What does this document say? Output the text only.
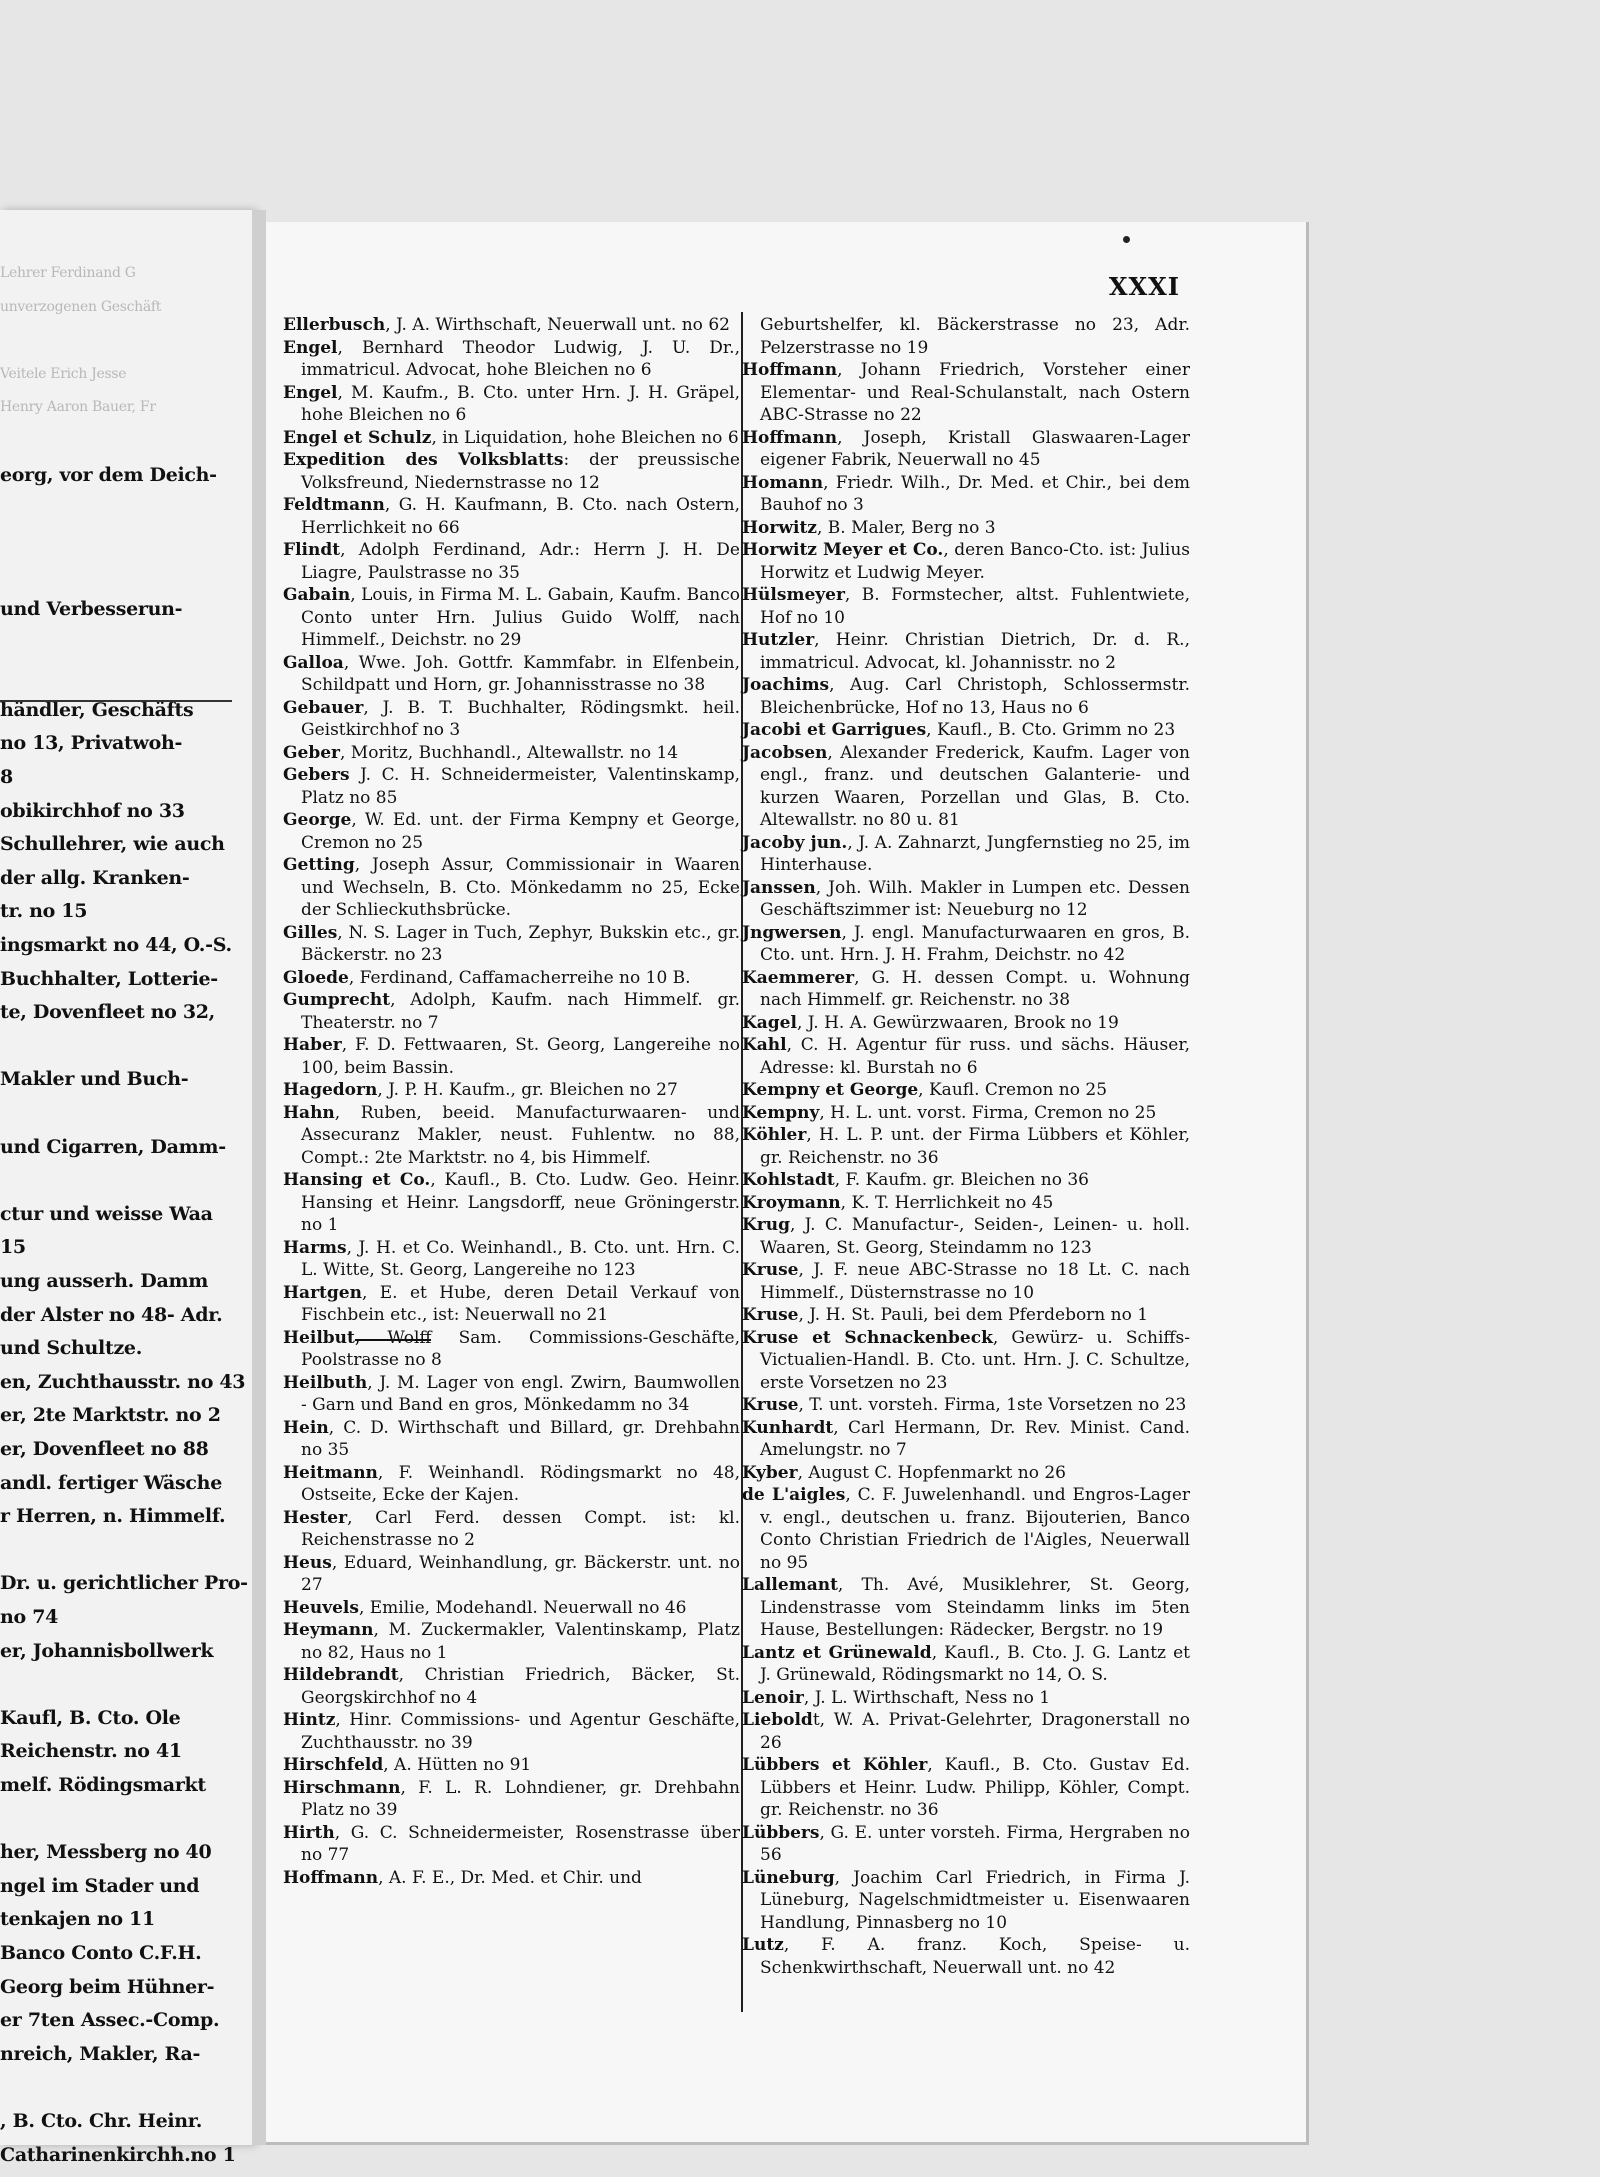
Lehrer Ferdinand G
unverzogenen Geschäft
Veitele Erich Jesse
Henry Aaron Bauer, Fr
eorg, vor dem Deich-
und Verbesserun-
händler, Geschäfts
no 13, Privatwoh-
8
obikirchhof no 33
Schullehrer, wie auch
der allg. Kranken-
tr. no 15
ingsmarkt no 44, O.-S.
Buchhalter, Lotterie-
te, Dovenfleet no 32,
Makler und Buch-
und Cigarren, Damm-
ctur und weisse Waa
15
ung ausserh. Damm
der Alster no 48- Adr.
und Schultze.
en, Zuchthausstr. no 43
er, 2te Marktstr. no 2
er, Dovenfleet no 88
andl. fertiger Wäsche
r Herren, n. Himmelf.
Dr. u. gerichtlicher Pro-
no 74
er, Johannisbollwerk
Kaufl, B. Cto. Ole
Reichenstr. no 41
melf. Rödingsmarkt
her, Messberg no 40
ngel im Stader und
tenkajen no 11
Banco Conto C.F.H.
Georg beim Hühner-
er 7ten Assec.-Comp.
nreich, Makler, Ra-
, B. Cto. Chr. Heinr.
Catharinenkirchh.no 1
XXXI
Ellerbusch, J. A. Wirthschaft, Neuerwall unt. no 62
Engel, Bernhard Theodor Ludwig, J. U. Dr., immatricul. Advocat, hohe Bleichen no 6
Engel, M. Kaufm., B. Cto. unter Hrn. J. H. Gräpel, hohe Bleichen no 6
Engel et Schulz, in Liquidation, hohe Bleichen no 6
Expedition des Volksblatts: der preussische Volksfreund, Niedernstrasse no 12
Feldtmann, G. H. Kaufmann, B. Cto. nach Ostern, Herrlichkeit no 66
Flindt, Adolph Ferdinand, Adr.: Herrn J. H. De Liagre, Paulstrasse no 35
Gabain, Louis, in Firma M. L. Gabain, Kaufm. Banco Conto unter Hrn. Julius Guido Wolff, nach Himmelf., Deichstr. no 29
Galloa, Wwe. Joh. Gottfr. Kammfabr. in Elfenbein, Schildpatt und Horn, gr. Johannisstrasse no 38
Gebauer, J. B. T. Buchhalter, Rödingsmkt. heil. Geistkirchhof no 3
Geber, Moritz, Buchhandl., Altewallstr. no 14
Gebers J. C. H. Schneidermeister, Valentinskamp, Platz no 85
George, W. Ed. unt. der Firma Kempny et George, Cremon no 25
Getting, Joseph Assur, Commissionair in Waaren und Wechseln, B. Cto. Mönkedamm no 25, Ecke der Schlieckuthsbrücke.
Gilles, N. S. Lager in Tuch, Zephyr, Bukskin etc., gr. Bäckerstr. no 23
Gloede, Ferdinand, Caffamacherreihe no 10 B.
Gumprecht, Adolph, Kaufm. nach Himmelf. gr. Theaterstr. no 7
Haber, F. D. Fettwaaren, St. Georg, Langereihe no 100, beim Bassin.
Hagedorn, J. P. H. Kaufm., gr. Bleichen no 27
Hahn, Ruben, beeid. Manufacturwaaren- und Assecuranz Makler, neust. Fuhlentw. no 88, Compt.: 2te Marktstr. no 4, bis Himmelf.
Hansing et Co., Kaufl., B. Cto. Ludw. Geo. Heinr. Hansing et Heinr. Langsdorff, neue Gröningerstr. no 1
Harms, J. H. et Co. Weinhandl., B. Cto. unt. Hrn. C. L. Witte, St. Georg, Langereihe no 123
Hartgen, E. et Hube, deren Detail Verkauf von Fischbein etc., ist: Neuerwall no 21
Heilbut, Wolff Sam. Commissions-Geschäfte, Poolstrasse no 8
Heilbuth, J. M. Lager von engl. Zwirn, Baumwollen - Garn und Band en gros, Mönkedamm no 34
Hein, C. D. Wirthschaft und Billard, gr. Drehbahn no 35
Heitmann, F. Weinhandl. Rödingsmarkt no 48, Ostseite, Ecke der Kajen.
Hester, Carl Ferd. dessen Compt. ist: kl. Reichenstrasse no 2
Heus, Eduard, Weinhandlung, gr. Bäckerstr. unt. no 27
Heuvels, Emilie, Modehandl. Neuerwall no 46
Heymann, M. Zuckermakler, Valentinskamp, Platz no 82, Haus no 1
Hildebrandt, Christian Friedrich, Bäcker, St. Georgskirchhof no 4
Hintz, Hinr. Commissions- und Agentur Geschäfte, Zuchthausstr. no 39
Hirschfeld, A. Hütten no 91
Hirschmann, F. L. R. Lohndiener, gr. Drehbahn Platz no 39
Hirth, G. C. Schneidermeister, Rosenstrasse über no 77
Hoffmann, A. F. E., Dr. Med. et Chir. und
Geburtshelfer, kl. Bäckerstrasse no 23, Adr. Pelzerstrasse no 19
Hoffmann, Johann Friedrich, Vorsteher einer Elementar- und Real-Schulanstalt, nach Ostern ABC-Strasse no 22
Hoffmann, Joseph, Kristall Glaswaaren-Lager eigener Fabrik, Neuerwall no 45
Homann, Friedr. Wilh., Dr. Med. et Chir., bei dem Bauhof no 3
Horwitz, B. Maler, Berg no 3
Horwitz Meyer et Co., deren Banco-Cto. ist: Julius Horwitz et Ludwig Meyer.
Hülsmeyer, B. Formstecher, altst. Fuhlentwiete, Hof no 10
Hutzler, Heinr. Christian Dietrich, Dr. d. R., immatricul. Advocat, kl. Johannisstr. no 2
Joachims, Aug. Carl Christoph, Schlossermstr. Bleichenbrücke, Hof no 13, Haus no 6
Jacobi et Garrigues, Kaufl., B. Cto. Grimm no 23
Jacobsen, Alexander Frederick, Kaufm. Lager von engl., franz. und deutschen Galanterie- und kurzen Waaren, Porzellan und Glas, B. Cto. Altewallstr. no 80 u. 81
Jacoby jun., J. A. Zahnarzt, Jungfernstieg no 25, im Hinterhause.
Janssen, Joh. Wilh. Makler in Lumpen etc. Dessen Geschäftszimmer ist: Neueburg no 12
Jngwersen, J. engl. Manufacturwaaren en gros, B. Cto. unt. Hrn. J. H. Frahm, Deichstr. no 42
Kaemmerer, G. H. dessen Compt. u. Wohnung nach Himmelf. gr. Reichenstr. no 38
Kagel, J. H. A. Gewürzwaaren, Brook no 19
Kahl, C. H. Agentur für russ. und sächs. Häuser, Adresse: kl. Burstah no 6
Kempny et George, Kaufl. Cremon no 25
Kempny, H. L. unt. vorst. Firma, Cremon no 25
Köhler, H. L. P. unt. der Firma Lübbers et Köhler, gr. Reichenstr. no 36
Kohlstadt, F. Kaufm. gr. Bleichen no 36
Kroymann, K. T. Herrlichkeit no 45
Krug, J. C. Manufactur-, Seiden-, Leinen- u. holl. Waaren, St. Georg, Steindamm no 123
Kruse, J. F. neue ABC-Strasse no 18 Lt. C. nach Himmelf., Düsternstrasse no 10
Kruse, J. H. St. Pauli, bei dem Pferdeborn no 1
Kruse et Schnackenbeck, Gewürz- u. Schiffs-Victualien-Handl. B. Cto. unt. Hrn. J. C. Schultze, erste Vorsetzen no 23
Kruse, T. unt. vorsteh. Firma, 1ste Vorsetzen no 23
Kunhardt, Carl Hermann, Dr. Rev. Minist. Cand. Amelungstr. no 7
Kyber, August C. Hopfenmarkt no 26
de L'aigles, C. F. Juwelenhandl. und Engros-Lager v. engl., deutschen u. franz. Bijouterien, Banco Conto Christian Friedrich de l'Aigles, Neuerwall no 95
Lallemant, Th. Avé, Musiklehrer, St. Georg, Lindenstrasse vom Steindamm links im 5ten Hause, Bestellungen: Rädecker, Bergstr. no 19
Lantz et Grünewald, Kaufl., B. Cto. J. G. Lantz et J. Grünewald, Rödingsmarkt no 14, O. S.
Lenoir, J. L. Wirthschaft, Ness no 1
Lieboldt, W. A. Privat-Gelehrter, Dragonerstall no 26
Lübbers et Köhler, Kaufl., B. Cto. Gustav Ed. Lübbers et Heinr. Ludw. Philipp, Köhler, Compt. gr. Reichenstr. no 36
Lübbers, G. E. unter vorsteh. Firma, Hergraben no 56
Lüneburg, Joachim Carl Friedrich, in Firma J. Lüneburg, Nagelschmidtmeister u. Eisenwaaren Handlung, Pinnasberg no 10
Lutz, F. A. franz. Koch, Speise- u. Schenkwirthschaft, Neuerwall unt. no 42
